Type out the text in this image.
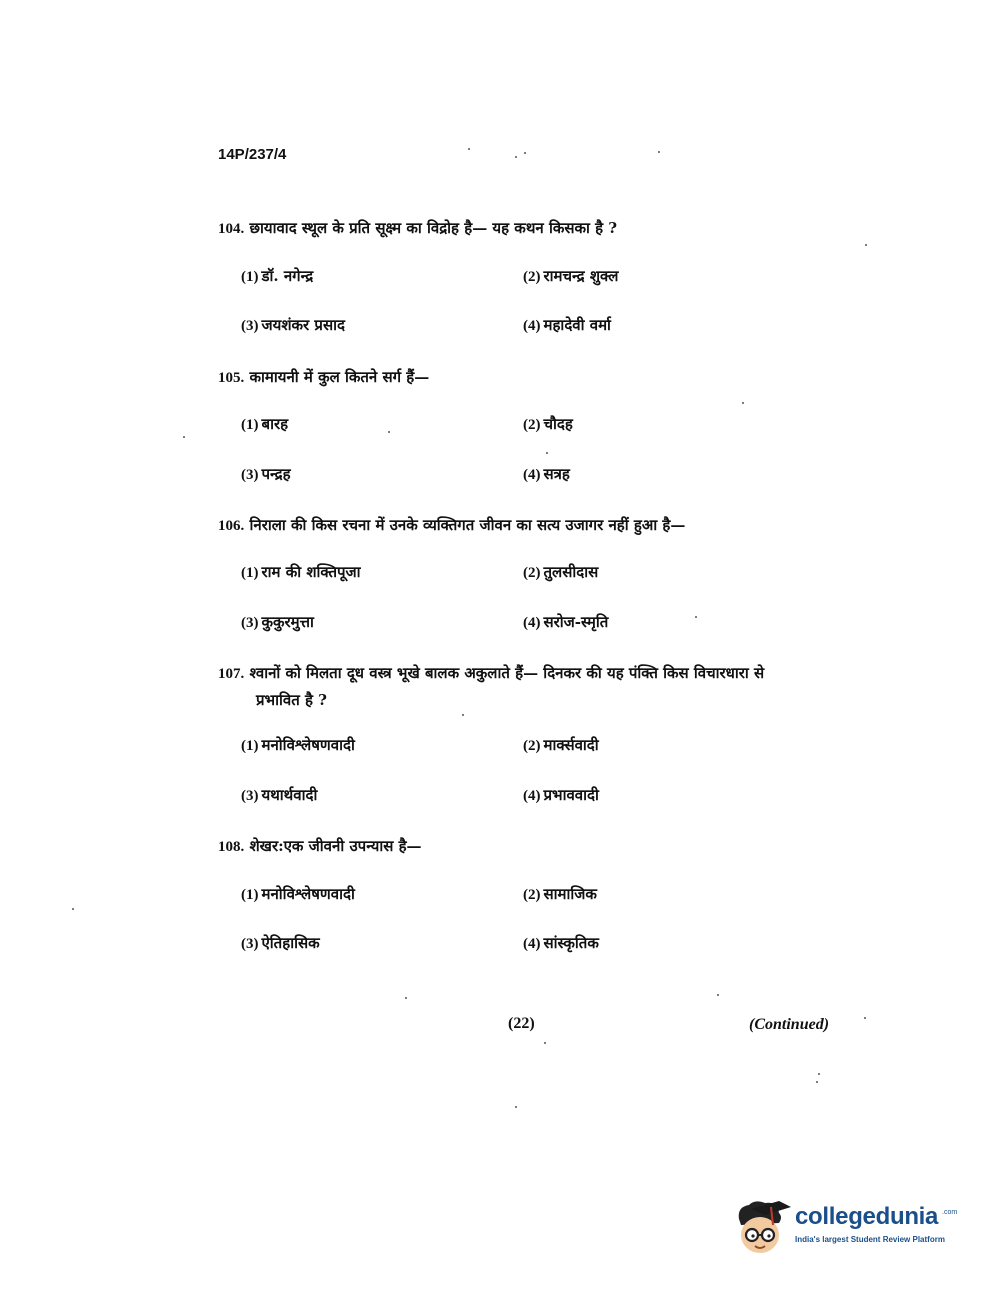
14P/237/4
104. छायावाद स्थूल के प्रति सूक्ष्म का विद्रोह है— यह कथन किसका है ?
(1) डॉ. नगेन्द्र	(2) रामचन्द्र शुक्ल
(3) जयशंकर प्रसाद	(4) महादेवी वर्मा
105. कामायनी में कुल कितने सर्ग हैं—
(1) बारह	(2) चौदह
(3) पन्द्रह	(4) सत्रह
106. निराला की किस रचना में उनके व्यक्तिगत जीवन का सत्य उजागर नहीं हुआ है—
(1) राम की शक्तिपूजा	(2) तुलसीदास
(3) कुकुरमुत्ता	(4) सरोज-स्मृति
107. श्वानों को मिलता दूध वस्त्र भूखे बालक अकुलाते हैं— दिनकर की यह पंक्ति किस विचारधारा से
प्रभावित है ?
(1) मनोविश्लेषणवादी	(2) मार्क्सवादी
(3) यथार्थवादी	(4) प्रभाववादी
108. शेखर:एक जीवनी उपन्यास है—
(1) मनोविश्लेषणवादी	(2) सामाजिक
(3) ऐतिहासिक	(4) सांस्कृतिक
(22)	(Continued)
collegedunia .com
India's largest Student Review Platform
